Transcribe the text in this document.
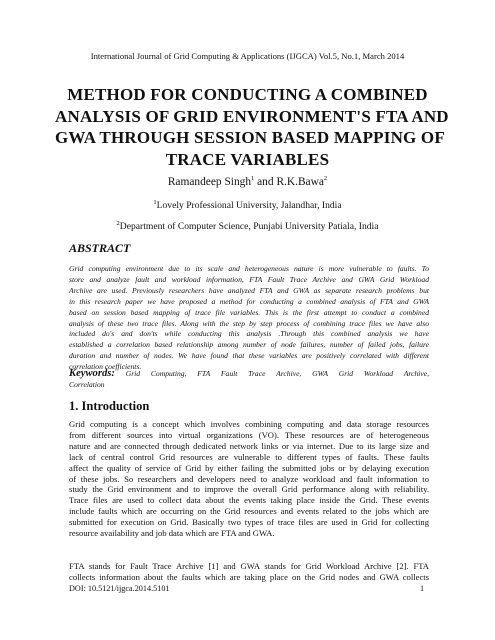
International Journal of Grid Computing & Applications (IJGCA) Vol.5, No.1, March 2014
METHOD FOR CONDUCTING A COMBINED
ANALYSIS OF GRID ENVIRONMENT'S FTA AND
GWA THROUGH SESSION BASED MAPPING OF
TRACE VARIABLES
Ramandeep Singh$^1$ and R.K.Bawa$^2$
$^1$Lovely Professional University, Jalandhar, India
$^2$Department of Computer Science, Punjabi University Patiala, India
ABSTRACT
Grid computing environment due to its scale and heterogeneous nature is more vulnerable to faults. To
store and analyze fault and workload information, FTA Fault Trace Archive and GWA Grid Workload
Archive are used. Previously researchers have analyzed FTA and GWA as separate research problems but
in this research paper we have proposed a method for conducting a combined analysis of FTA and GWA
based on session based mapping of trace file variables. This is the first attempt to conduct a combined
analysis of these two trace files. Along with the step by step process of combining trace files we have also
included do's and don'ts while conducting this analysis .Through this combined analysis we have
established a correlation based relationship among number of node failures, number of failed jobs, failure
duration and number of nodes. We have found that these variables are positively correlated with different
correlation coefficients.
Keywords: Grid Computing, FTA Fault Trace Archive, GWA Grid Workload Archive,
Correlation
1. Introduction
Grid computing is a concept which involves combining computing and data storage resources
from different sources into virtual organizations (VO). These resources are of heterogeneous
nature and are connected through dedicated network links or via internet. Due to its large size and
lack of central control Grid resources are vulnerable to different types of faults. These faults
affect the quality of service of Grid by either failing the submitted jobs or by delaying execution
of these jobs. So researchers and developers need to analyze workload and fault information to
study the Grid environment and to improve the overall Grid performance along with reliability.
Trace files are used to collect data about the events taking place inside the Grid. These events
include faults which are occurring on the Grid resources and events related to the jobs which are
submitted for execution on Grid. Basically two types of trace files are used in Grid for collecting
resource availability and job data which are FTA and GWA.
FTA stands for Fault Trace Archive [1] and GWA stands for Grid Workload Archive [2]. FTA
collects information about the faults which are taking place on the Grid nodes and GWA collects
DOI: 10.5121/ijgca.2014.5101	1
